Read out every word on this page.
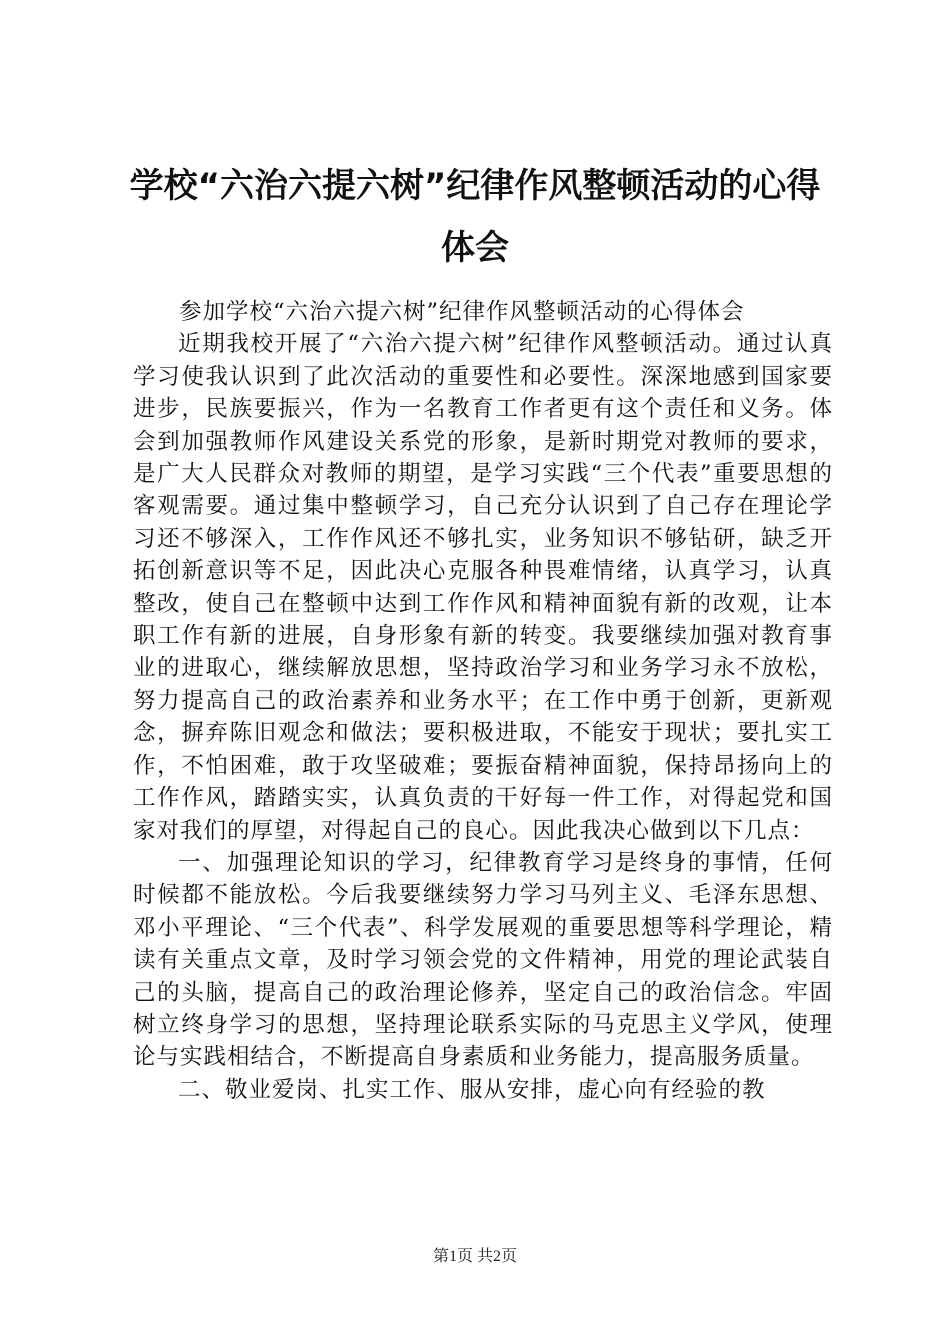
学校“六治六提六树”纪律作风整顿活动的心得体会

参加学校“六治六提六树”纪律作风整顿活动的心得体会

近期我校开展了“六治六提六树”纪律作风整顿活动。通过认真学习使我认识到了此次活动的重要性和必要性。深深地感到国家要进步，民族要振兴，作为一名教育工作者更有这个责任和义务。体会到加强教师作风建设关系党的形象，是新时期党对教师的要求，是广大人民群众对教师的期望，是学习实践“三个代表”重要思想的客观需要。通过集中整顿学习，自己充分认识到了自己存在理论学习还不够深入，工作作风还不够扎实，业务知识不够钻研，缺乏开拓创新意识等不足，因此决心克服各种畏难情绪，认真学习，认真整改，使自己在整顿中达到工作作风和精神面貌有新的改观，让本职工作有新的进展，自身形象有新的转变。我要继续加强对教育事业的进取心，继续解放思想，坚持政治学习和业务学习永不放松，努力提高自己的政治素养和业务水平；在工作中勇于创新，更新观念，摒弃陈旧观念和做法；要积极进取，不能安于现状；要扎实工作，不怕困难，敢于攻坚破难；要振奋精神面貌，保持昂扬向上的工作作风，踏踏实实，认真负责的干好每一件工作，对得起党和国家对我们的厚望，对得起自己的良心。因此我决心做到以下几点：

一、加强理论知识的学习，纪律教育学习是终身的事情，任何时候都不能放松。今后我要继续努力学习马列主义、毛泽东思想、邓小平理论、“三个代表”、科学发展观的重要思想等科学理论，精读有关重点文章，及时学习领会党的文件精神，用党的理论武装自己的头脑，提高自己的政治理论修养，坚定自己的政治信念。牢固树立终身学习的思想，坚持理论联系实际的马克思主义学风，使理论与实践相结合，不断提高自身素质和业务能力，提高服务质量。

二、敬业爱岗、扎实工作、服从安排，虚心向有经验的教

第1页 共2页
